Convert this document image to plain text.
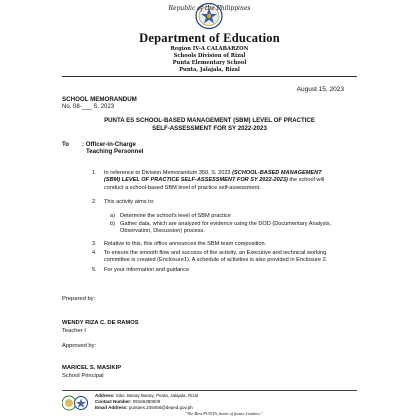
Republic of the Philippines
Department of Education
Region IV-A CALABARZON
Schools Division of Rizal
Punta Elementary School
Punta, Jalajala, Rizal
August 15, 2023
SCHOOL MEMORANDUM
No. 08-___ S. 2023
PUNTA ES SCHOOL-BASED MANAGEMENT (SBM) LEVEL OF PRACTICE
SELF-ASSESSMENT FOR SY 2022-2023
To : Officer-in-Charge
Teaching Personnel
1. In reference to Division Memorandum 350, S. 2023 (SCHOOL-BASED MANAGEMENT
(SBM) LEVEL OF PRACTICE SELF-ASSESSMENT FOR SY 2022-2023) the school will
conduct a school-based SBM level of practice self-assessment.
2. This activity aims to:
a) Determine the school's level of SBM practice
b) Gather data, which are analyzed for evidence using the DOD (Documentary Analysis,
Observation, Discussion) process.
3. Relative to this, this office announces the SBM team composition.
4. To ensure the smooth flow and success of the activity, an Executive and technical working
committee is created (Enclosure1). A schedule of activities is also provided in Enclosure 2.
5. For your information and guidance
Prepared by:
WENDY RIZA C. DE RAMOS
Teacher I
Approved by:
MARICEL S. MASIKIP
School Principal
Address: Sitio. Banay Banay, Punta, Jalajala, Rizal
Contact Number: 09166380509
Email Address: puntaes.109458@deped.gov.ph
"The Best PUNTA, home of future Leaders."
